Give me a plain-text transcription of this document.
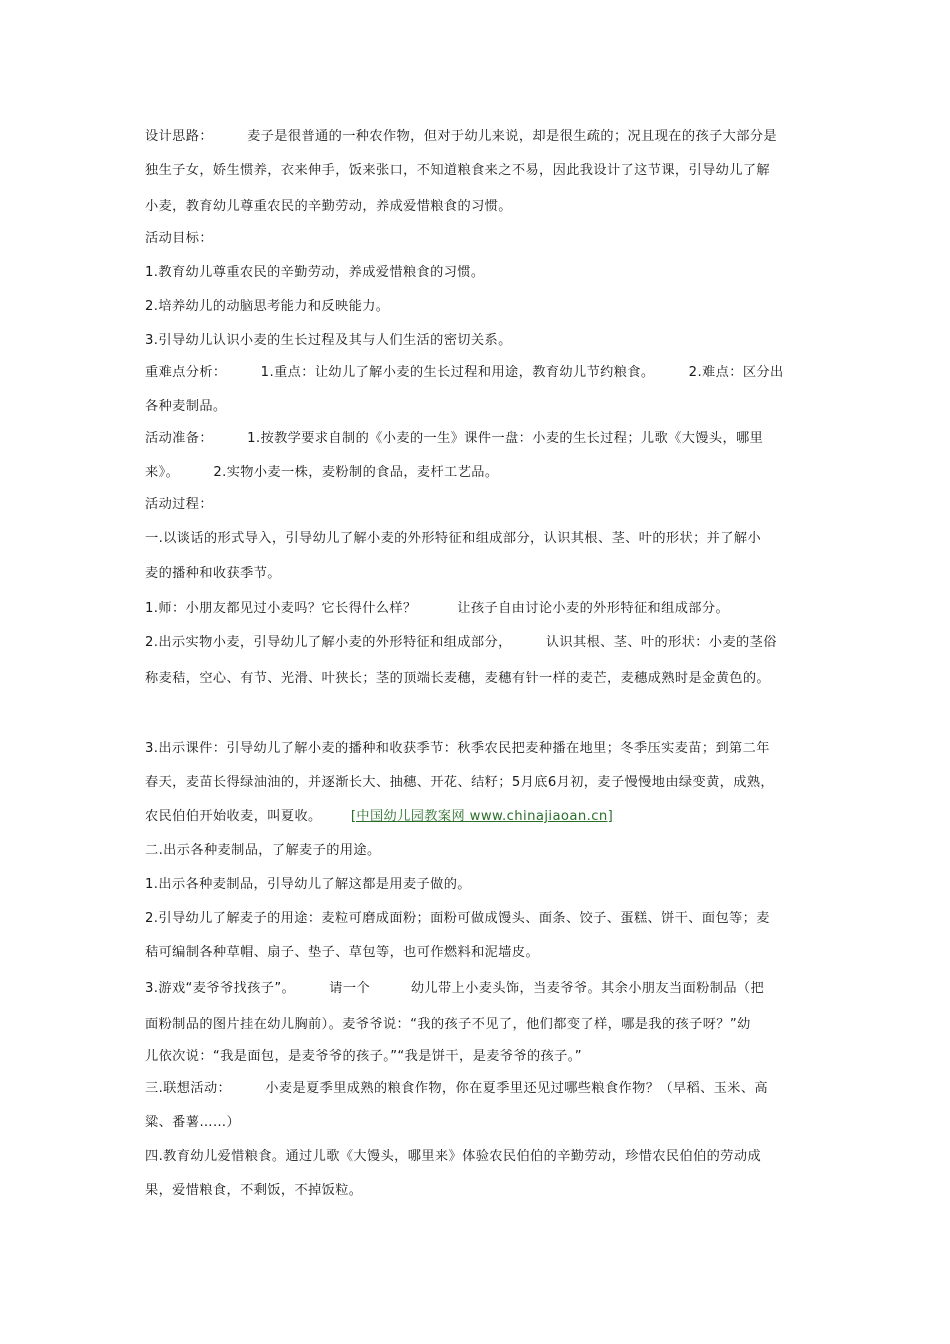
设计思路：　　　麦子是很普通的一种农作物，但对于幼儿来说，却是很生疏的；况且现在的孩子大部分是
独生子女，娇生惯养，衣来伸手，饭来张口，不知道粮食来之不易，因此我设计了这节课，引导幼儿了解
小麦，教育幼儿尊重农民的辛勤劳动，养成爱惜粮食的习惯。
活动目标：
1.教育幼儿尊重农民的辛勤劳动，养成爱惜粮食的习惯。
2.培养幼儿的动脑思考能力和反映能力。
3.引导幼儿认识小麦的生长过程及其与人们生活的密切关系。
重难点分析：　　　1.重点：让幼儿了解小麦的生长过程和用途，教育幼儿节约粮食。　　　2.难点：区分出
各种麦制品。
活动准备：　　　1.按教学要求自制的《小麦的一生》课件一盘：小麦的生长过程；儿歌《大馒头，哪里
来》。　　　2.实物小麦一株，麦粉制的食品，麦杆工艺品。
活动过程：
一.以谈话的形式导入，引导幼儿了解小麦的外形特征和组成部分，认识其根、茎、叶的形状；并了解小
麦的播种和收获季节。
1.师：小朋友都见过小麦吗？它长得什么样？　　　让孩子自由讨论小麦的外形特征和组成部分。
2.出示实物小麦，引导幼儿了解小麦的外形特征和组成部分，　　　认识其根、茎、叶的形状：小麦的茎俗
称麦秸，空心、有节、光滑、叶狭长；茎的顶端长麦穗，麦穗有针一样的麦芒，麦穗成熟时是金黄色的。
3.出示课件：引导幼儿了解小麦的播种和收获季节：秋季农民把麦种播在地里；冬季压实麦苗；到第二年
春天，麦苗长得绿油油的，并逐渐长大、抽穗、开花、结籽；5月底6月初，麦子慢慢地由绿变黄，成熟，
农民伯伯开始收麦，叫夏收。 [中国幼儿园教案网 www.chinajiaoan.cn]
二.出示各种麦制品，了解麦子的用途。
1.出示各种麦制品，引导幼儿了解这都是用麦子做的。
2.引导幼儿了解麦子的用途：麦粒可磨成面粉；面粉可做成馒头、面条、饺子、蛋糕、饼干、面包等；麦
秸可编制各种草帽、扇子、垫子、草包等，也可作燃料和泥墙皮。
3.游戏“麦爷爷找孩子”。　　　请一个　　　幼儿带上小麦头饰，当麦爷爷。其余小朋友当面粉制品（把
面粉制品的图片挂在幼儿胸前）。麦爷爷说：“我的孩子不见了，他们都变了样，哪是我的孩子呀？”幼
儿依次说：“我是面包，是麦爷爷的孩子。”“我是饼干，是麦爷爷的孩子。”
三.联想活动：　　　小麦是夏季里成熟的粮食作物，你在夏季里还见过哪些粮食作物？（早稻、玉米、高
粱、番薯……）
四.教育幼儿爱惜粮食。通过儿歌《大馒头，哪里来》体验农民伯伯的辛勤劳动，珍惜农民伯伯的劳动成
果，爱惜粮食，不剩饭，不掉饭粒。
